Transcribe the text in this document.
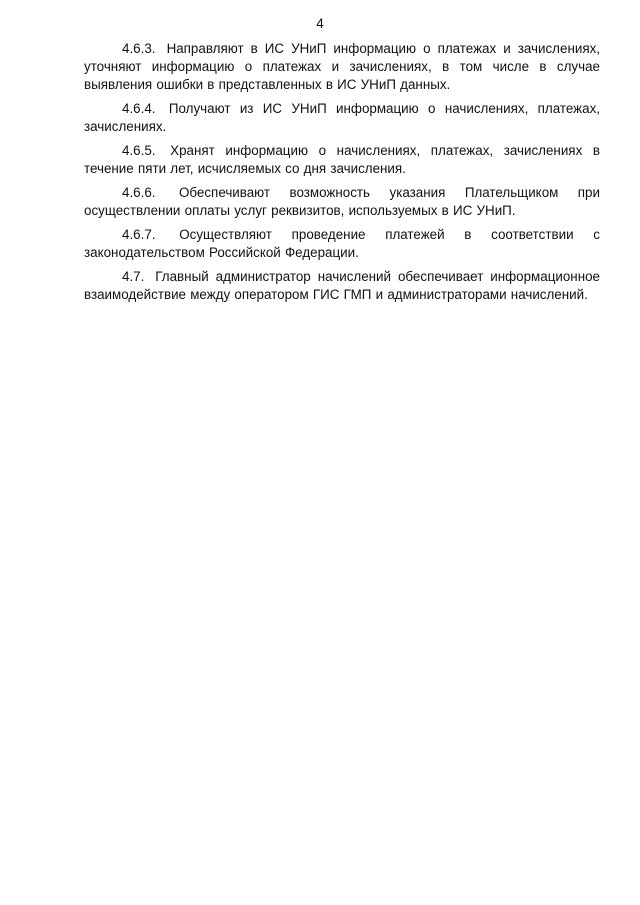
4

4.6.3. Направляют в ИС УНиП информацию о платежах и зачислениях, уточняют информацию о платежах и зачислениях, в том числе в случае выявления ошибки в представленных в ИС УНиП данных.

4.6.4. Получают из ИС УНиП информацию о начислениях, платежах, зачислениях.

4.6.5. Хранят информацию о начислениях, платежах, зачислениях в течение пяти лет, исчисляемых со дня зачисления.

4.6.6. Обеспечивают возможность указания Плательщиком при осуществлении оплаты услуг реквизитов, используемых в ИС УНиП.

4.6.7. Осуществляют проведение платежей в соответствии с законодательством Российской Федерации.

4.7. Главный администратор начислений обеспечивает информационное взаимодействие между оператором ГИС ГМП и администраторами начислений.
